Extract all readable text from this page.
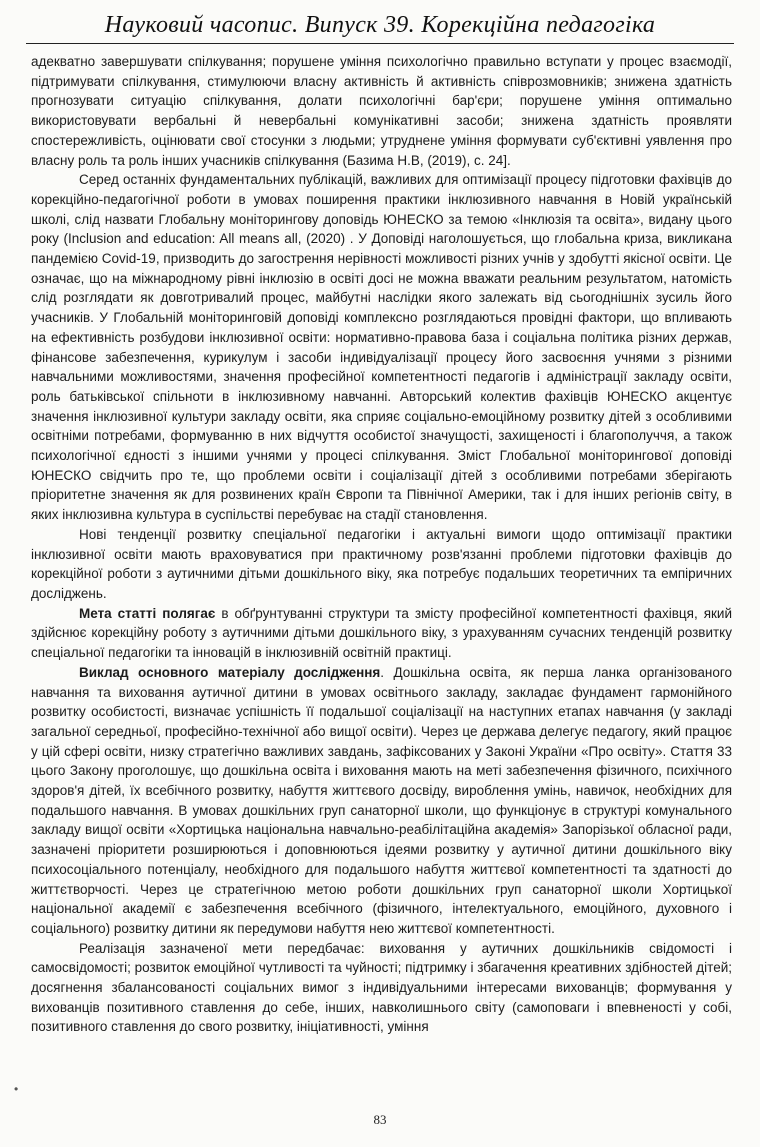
Науковий часопис. Випуск 39. Корекційна педагогіка

адекватно завершувати спілкування; порушене уміння психологічно правильно вступати у процес взаємодії, підтримувати спілкування, стимулюючи власну активність й активність співрозмовників; знижена здатність прогнозувати ситуацію спілкування, долати психологічні бар'єри; порушене уміння оптимально використовувати вербальні й невербальні комунікативні засоби; знижена здатність проявляти спостережливість, оцінювати свої стосунки з людьми; утруднене уміння формувати суб'єктивні уявлення про власну роль та роль інших учасників спілкування (Базима Н.В, (2019), с. 24].

Серед останніх фундаментальних публікацій, важливих для оптимізації процесу підготовки фахівців до корекційно-педагогічної роботи в умовах поширення практики інклюзивного навчання в Новій українській школі, слід назвати Глобальну моніторингову доповідь ЮНЕСКО за темою «Інклюзія та освіта», видану цього року (Inclusion and education: All means all, (2020) . У Доповіді наголошується, що глобальна криза, викликана пандемією Covid-19, призводить до загострення нерівності можливості різних учнів у здобутті якісної освіти. Це означає, що на міжнародному рівні інклюзію в освіті досі не можна вважати реальним результатом, натомість слід розглядати як довготривалий процес, майбутні наслідки якого залежать від сьогоднішніх зусиль його учасників. У Глобальній моніторинговій доповіді комплексно розглядаються провідні фактори, що впливають на ефективність розбудови інклюзивної освіти: нормативно-правова база і соціальна політика різних держав, фінансове забезпечення, курикулум і засоби індивідуалізації процесу його засвоєння учнями з різними навчальними можливостями, значення професійної компетентності педагогів і адміністрації закладу освіти, роль батьківської спільноти в інклюзивному навчанні. Авторський колектив фахівців ЮНЕСКО акцентує значення інклюзивної культури закладу освіти, яка сприяє соціально-емоційному розвитку дітей з особливими освітніми потребами, формуванню в них відчуття особистої значущості, захищеності і благополуччя, а також психологічної єдності з іншими учнями у процесі спілкування. Зміст Глобальної моніторингової доповіді ЮНЕСКО свідчить про те, що проблеми освіти і соціалізації дітей з особливими потребами зберігають пріоритетне значення як для розвинених країн Європи та Північної Америки, так і для інших регіонів світу, в яких інклюзивна культура в суспільстві перебуває на стадії становлення.

Нові тенденції розвитку спеціальної педагогіки і актуальні вимоги щодо оптимізації практики інклюзивної освіти мають враховуватися при практичному розв'язанні проблеми підготовки фахівців до корекційної роботи з аутичними дітьми дошкільного віку, яка потребує подальших теоретичних та емпіричних досліджень.

Мета статті полягає в обґрунтуванні структури та змісту професійної компетентності фахівця, який здійснює корекційну роботу з аутичними дітьми дошкільного віку, з урахуванням сучасних тенденцій розвитку спеціальної педагогіки та інновацій в інклюзивній освітній практиці.

Виклад основного матеріалу дослідження. Дошкільна освіта, як перша ланка організованого навчання та виховання аутичної дитини в умовах освітнього закладу, закладає фундамент гармонійного розвитку особистості, визначає успішність її подальшої соціалізації на наступних етапах навчання (у закладі загальної середньої, професійно-технічної або вищої освіти). Через це держава делегує педагогу, який працює у цій сфері освіти, низку стратегічно важливих завдань, зафіксованих у Законі України «Про освіту». Стаття 33 цього Закону проголошує, що дошкільна освіта і виховання мають на меті забезпечення фізичного, психічного здоров'я дітей, їх всебічного розвитку, набуття життєвого досвіду, вироблення умінь, навичок, необхідних для подальшого навчання. В умовах дошкільних груп санаторної школи, що функціонує в структурі комунального закладу вищої освіти «Хортицька національна навчально-реабілітаційна академія» Запорізької обласної ради, зазначені пріоритети розширюються і доповнюються ідеями розвитку у аутичної дитини дошкільного віку психосоціального потенціалу, необхідного для подальшого набуття життєвої компетентності та здатності до життєтворчості. Через це стратегічною метою роботи дошкільних груп санаторної школи Хортицької національної академії є забезпечення всебічного (фізичного, інтелектуального, емоційного, духовного і соціального) розвитку дитини як передумови набуття нею життєвої компетентності.

Реалізація зазначеної мети передбачає: виховання у аутичних дошкільників свідомості і самосвідомості; розвиток емоційної чутливості та чуйності; підтримку і збагачення креативних здібностей дітей; досягнення збалансованості соціальних вимог з індивідуальними інтересами вихованців; формування у вихованців позитивного ставлення до себе, інших, навколишнього світу (самоповаги і впевненості у собі, позитивного ставлення до свого розвитку, ініціативності, уміння

•
83
